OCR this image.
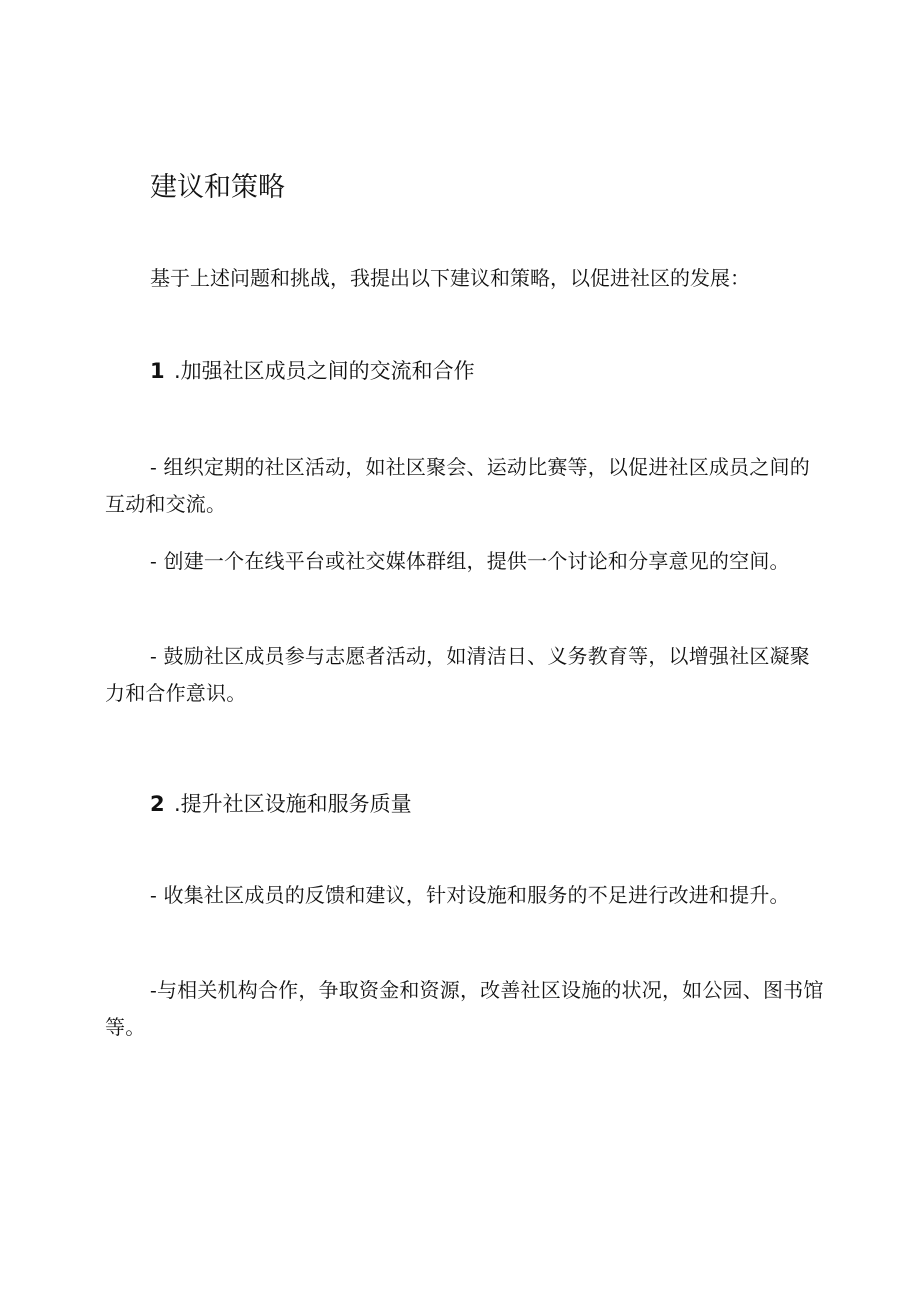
建议和策略

基于上述问题和挑战，我提出以下建议和策略，以促进社区的发展：

1 .加强社区成员之间的交流和合作

- 组织定期的社区活动，如社区聚会、运动比赛等，以促进社区成员之间的互动和交流。

- 创建一个在线平台或社交媒体群组，提供一个讨论和分享意见的空间。

- 鼓励社区成员参与志愿者活动，如清洁日、义务教育等，以增强社区凝聚力和合作意识。

2 .提升社区设施和服务质量

- 收集社区成员的反馈和建议，针对设施和服务的不足进行改进和提升。

-与相关机构合作，争取资金和资源，改善社区设施的状况，如公园、图书馆等。
